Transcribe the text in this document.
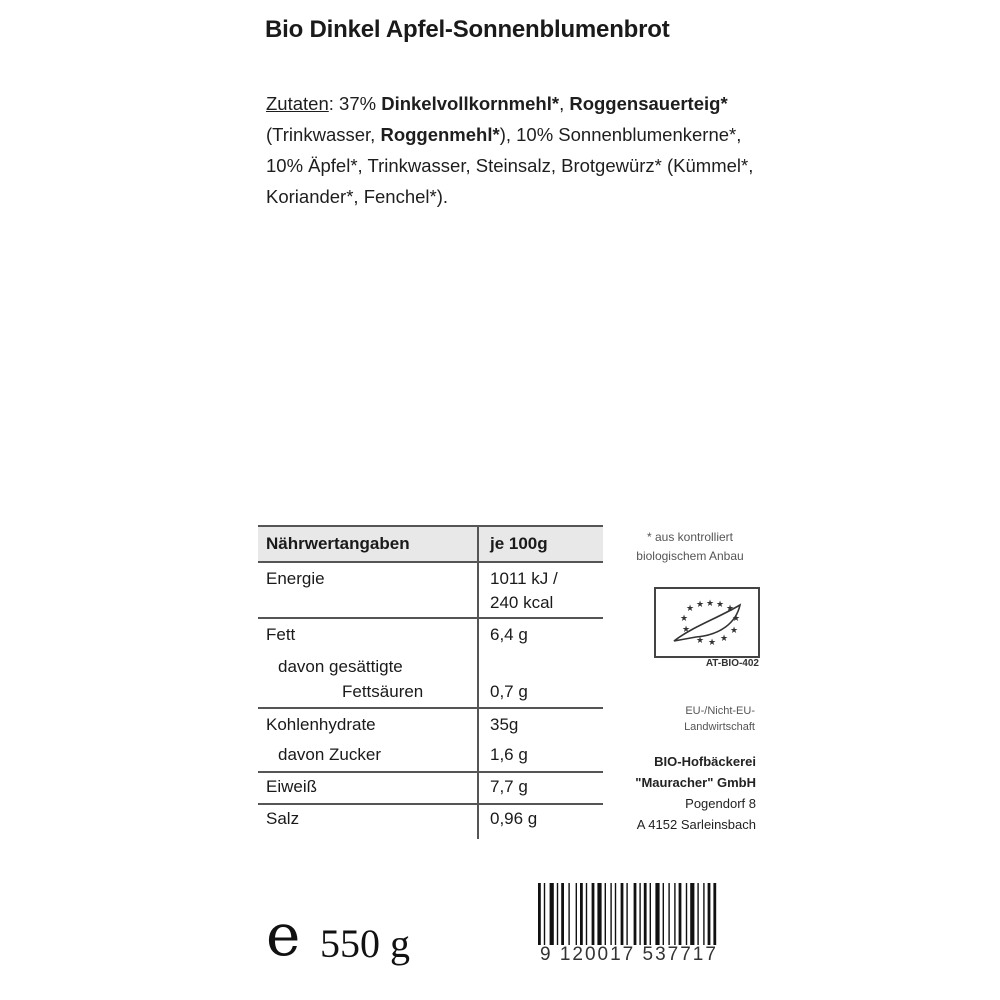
Bio Dinkel Apfel-Sonnenblumenbrot
Zutaten: 37% Dinkelvollkornmehl*, Roggensauerteig* (Trinkwasser, Roggenmehl*), 10% Sonnenblumenkerne*, 10% Äpfel*, Trinkwasser, Steinsalz, Brotgewürz* (Kümmel*, Koriander*, Fenchel*).
Nährwertangaben	je 100g
Energie	1011 kJ /
240 kcal
Fett	6,4 g
davon gesättigte
Fettsäuren	0,7 g
Kohlenhydrate	35g
davon Zucker	1,6 g
Eiweiß	7,7 g
Salz	0,96 g
* aus kontrolliert
biologischem Anbau
★ ★ ★ ★ ★
★	★
★
★ ★ ★
★
AT-BIO-402
EU-/Nicht-EU-
Landwirtschaft
BIO-Hofbäckerei
"Mauracher" GmbH
Pogendorf 8
A 4152 Sarleinsbach
e 550 g	9 120017 537717
